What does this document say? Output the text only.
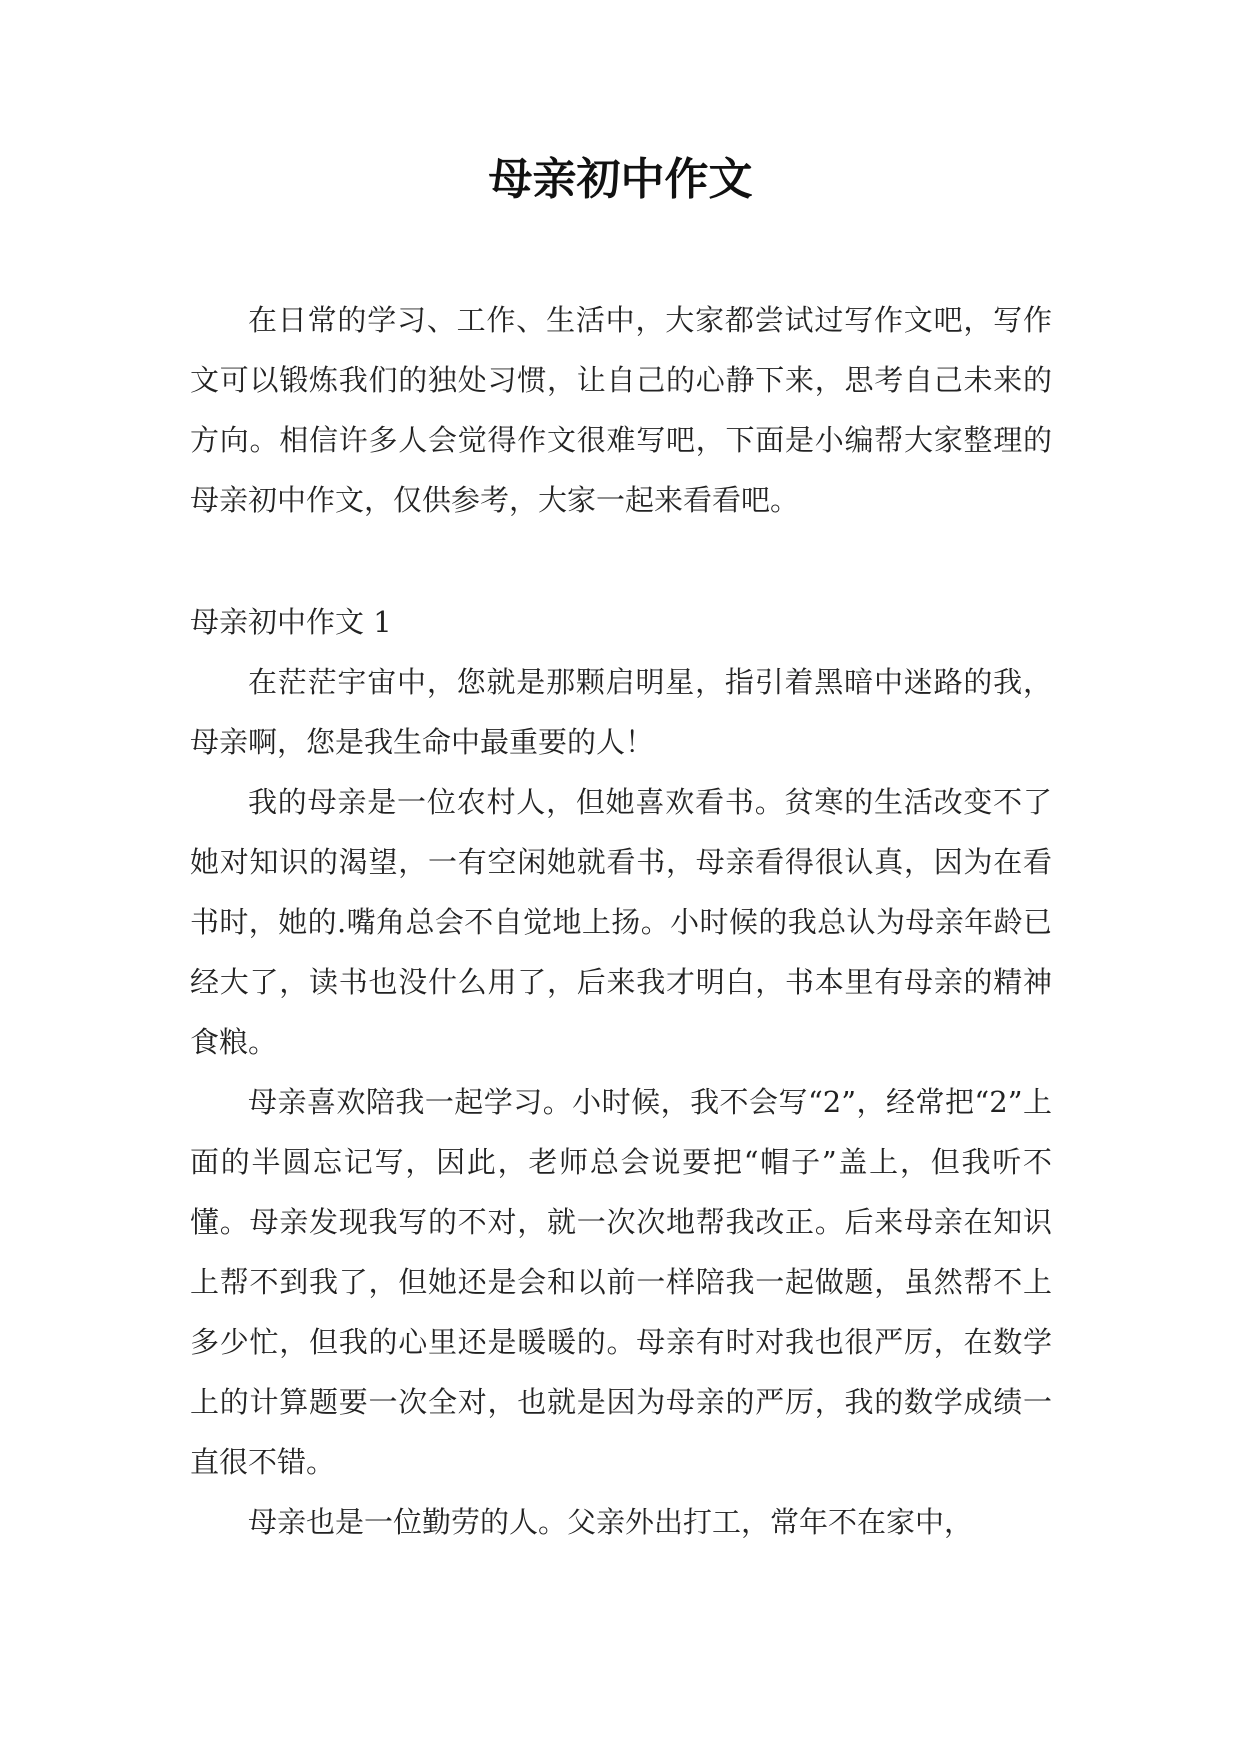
母亲初中作文

在日常的学习、工作、生活中，大家都尝试过写作文吧，写作文可以锻炼我们的独处习惯，让自己的心静下来，思考自己未来的方向。相信许多人会觉得作文很难写吧，下面是小编帮大家整理的母亲初中作文，仅供参考，大家一起来看看吧。

母亲初中作文 1

在茫茫宇宙中，您就是那颗启明星，指引着黑暗中迷路的我，母亲啊，您是我生命中最重要的人！

我的母亲是一位农村人，但她喜欢看书。贫寒的生活改变不了她对知识的渴望，一有空闲她就看书，母亲看得很认真，因为在看书时，她的.嘴角总会不自觉地上扬。小时候的我总认为母亲年龄已经大了，读书也没什么用了，后来我才明白，书本里有母亲的精神食粮。

母亲喜欢陪我一起学习。小时候，我不会写“2”，经常把“2”上面的半圆忘记写，因此，老师总会说要把“帽子”盖上，但我听不懂。母亲发现我写的不对，就一次次地帮我改正。后来母亲在知识上帮不到我了，但她还是会和以前一样陪我一起做题，虽然帮不上多少忙，但我的心里还是暖暖的。母亲有时对我也很严厉，在数学上的计算题要一次全对，也就是因为母亲的严厉，我的数学成绩一直很不错。

母亲也是一位勤劳的人。父亲外出打工，常年不在家中，
